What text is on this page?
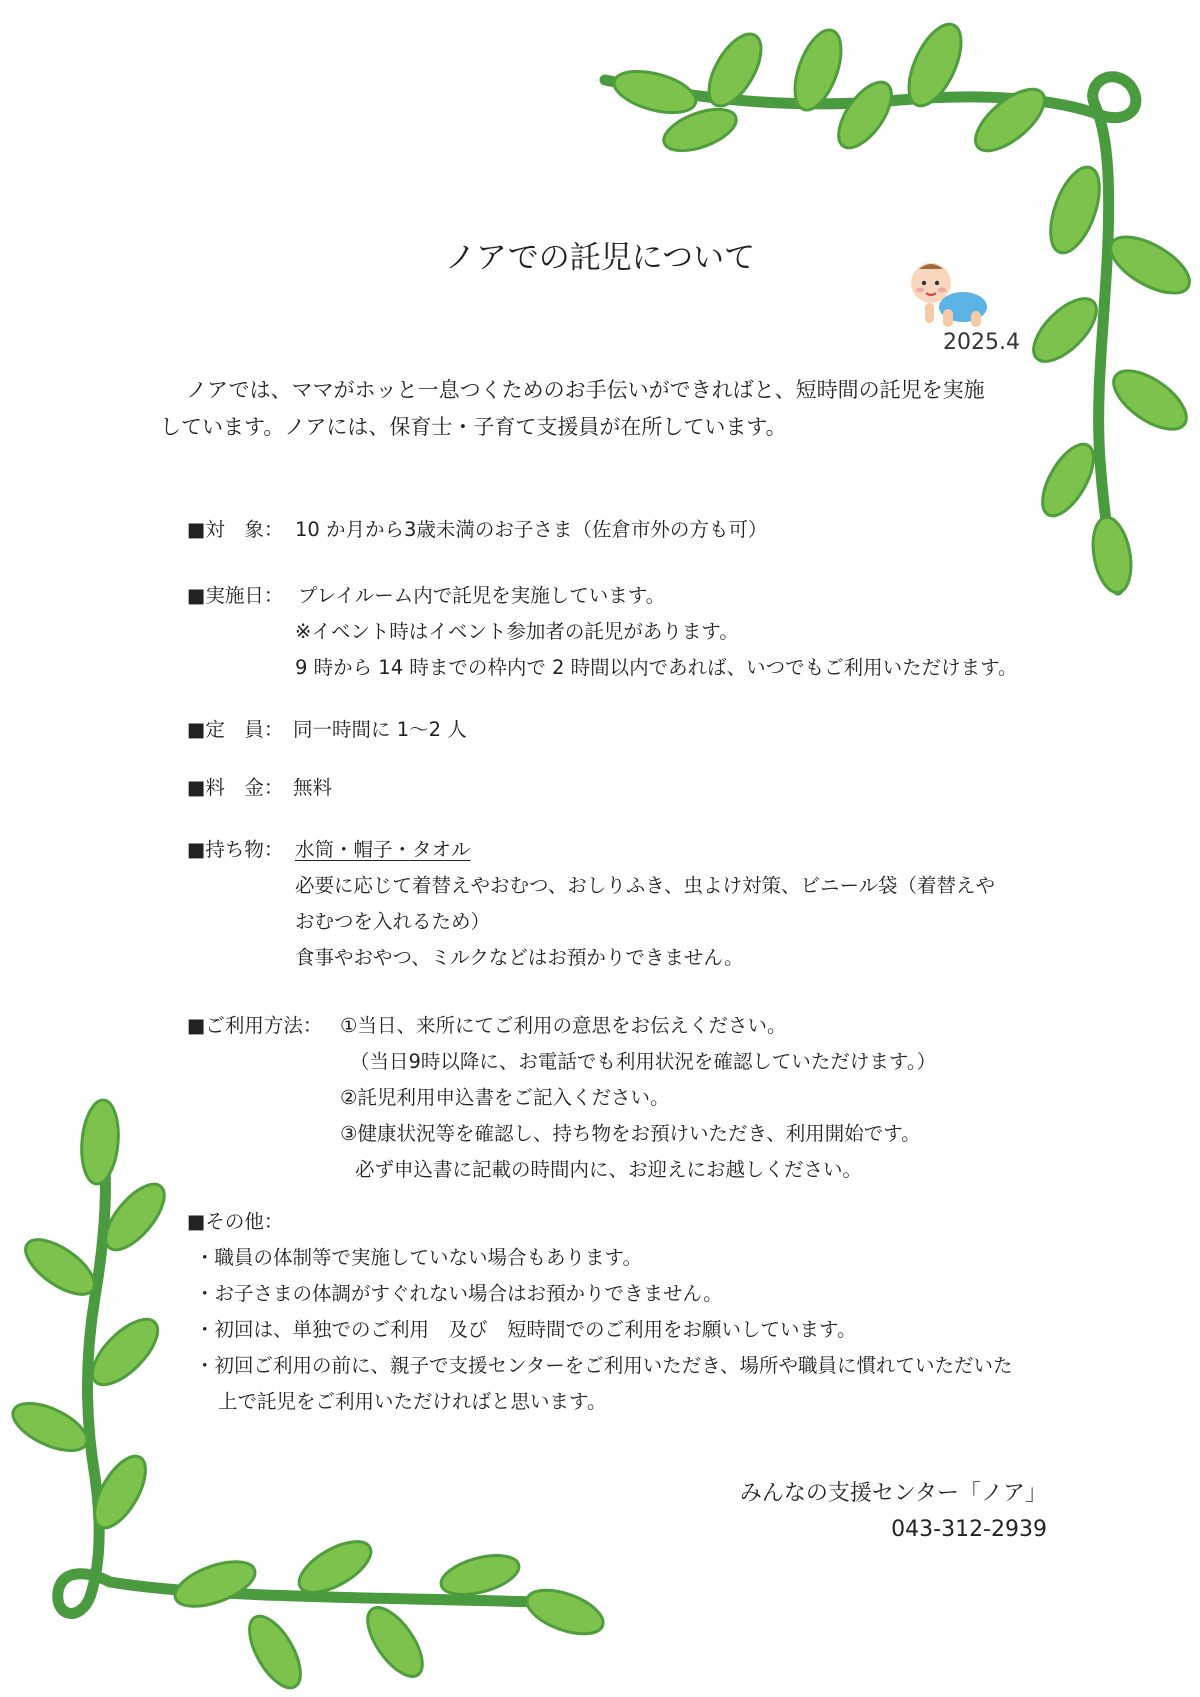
ノアでの託児について
2025.4

ノアでは、ママがホッと一息つくためのお手伝いができればと、短時間の託児を実施

しています。ノアには、保育士・子育て支援員が在所しています。

■対　象： 10 か月から3歳未満のお子さま（佐倉市外の方も可）
■実施日： プレイルーム内で託児を実施しています。
※イベント時はイベント参加者の託児があります。
9 時から 14 時までの枠内で 2 時間以内であれば、いつでもご利用いただけます。
■定　員： 同一時間に 1～2 人
■料　金： 無料
■持ち物： 水筒・帽子・タオル
必要に応じて着替えやおむつ、おしりふき、虫よけ対策、ビニール袋（着替えや
おむつを入れるため）
食事やおやつ、ミルクなどはお預かりできません。
■ご利用方法： ①当日、来所にてご利用の意思をお伝えください。
（当日9時以降に、お電話でも利用状況を確認していただけます。）
②託児利用申込書をご記入ください。
③健康状況等を確認し、持ち物をお預けいただき、利用開始です。
必ず申込書に記載の時間内に、お迎えにお越しください。
■その他：
・職員の体制等で実施していない場合もあります。
・お子さまの体調がすぐれない場合はお預かりできません。
・初回は、単独でのご利用　及び　短時間でのご利用をお願いしています。
・初回ご利用の前に、親子で支援センターをご利用いただき、場所や職員に慣れていただいた
上で託児をご利用いただければと思います。
みんなの支援センター「ノア」
043-312-2939
